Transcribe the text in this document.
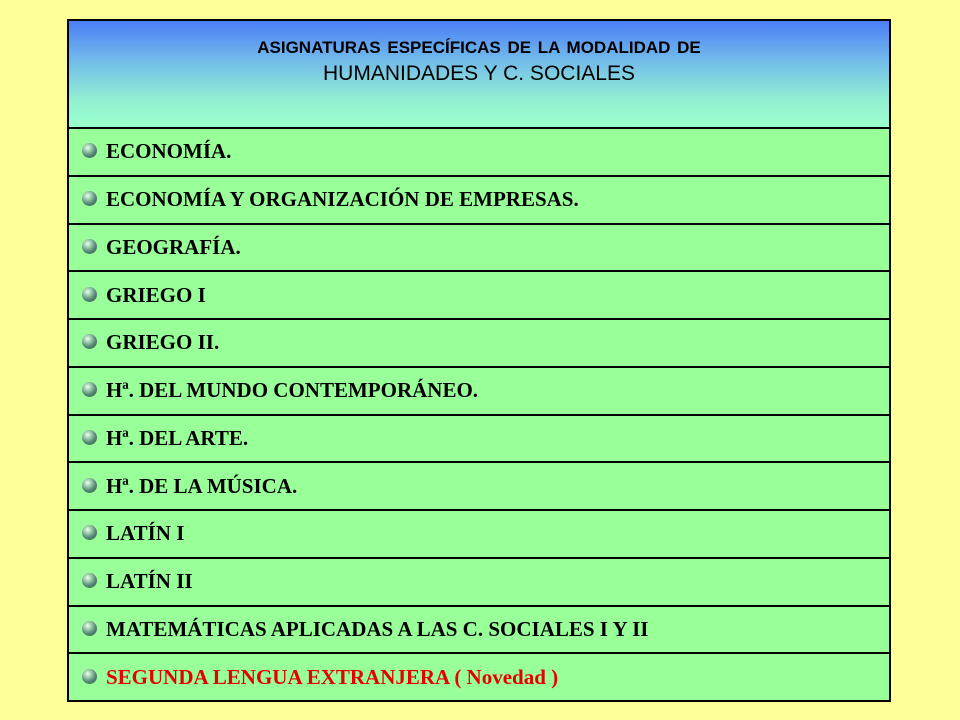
ASIGNATURAS ESPECÍFICAS DE LA MODALIDAD DE
HUMANIDADES Y C. SOCIALES
ECONOMÍA.
ECONOMÍA Y ORGANIZACIÓN DE EMPRESAS.
GEOGRAFÍA.
GRIEGO I
GRIEGO II.
Hª. DEL MUNDO CONTEMPORÁNEO.
Hª. DEL ARTE.
Hª. DE LA MÚSICA.
LATÍN I
LATÍN II
MATEMÁTICAS APLICADAS A LAS C. SOCIALES I Y II
SEGUNDA LENGUA EXTRANJERA ( Novedad )
